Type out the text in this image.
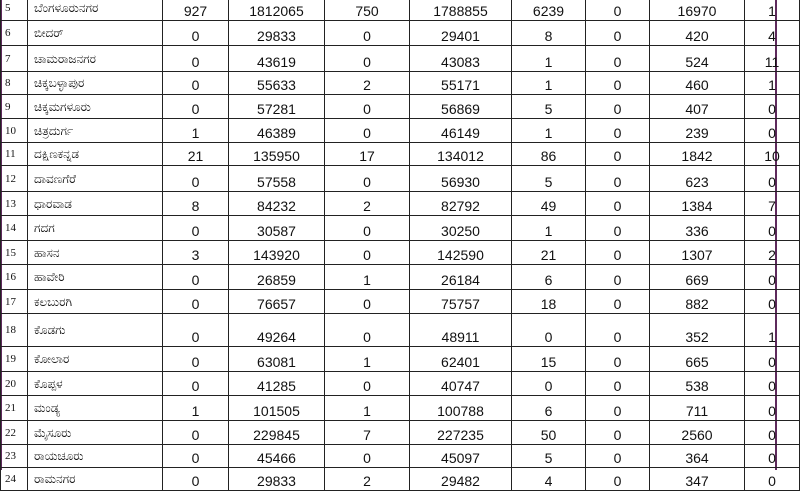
5	ಬೆಂಗಳೂರುನಗರ	927	1812065	750	1788855	6239	0	16970	1
6	ಬೀದರ್	0	29833	0	29401	8	0	420	4
7	ಚಾಮರಾಜನಗರ	0	43619	0	43083	1	0	524	11
8	ಚಿಕ್ಕಬಳ್ಳಾಪುರ	0	55633	2	55171	1	0	460	1
9	ಚಿಕ್ಕಮಗಳೂರು	0	57281	0	56869	5	0	407	0
10	ಚಿತ್ರದುರ್ಗ	1	46389	0	46149	1	0	239	0
11	ದಕ್ಷಿಣಕನ್ನಡ	21	135950	17	134012	86	0	1842	10
12	ದಾವಣಗೆರೆ	0	57558	0	56930	5	0	623	0
13	ಧಾರವಾಡ	8	84232	2	82792	49	0	1384	7
14	ಗದಗ	0	30587	0	30250	1	0	336	0
15	ಹಾಸನ	3	143920	0	142590	21	0	1307	2
16	ಹಾವೇರಿ	0	26859	1	26184	6	0	669	0
17	ಕಲಬುರಗಿ	0	76657	0	75757	18	0	882	0
18	ಕೊಡಗು	0	49264	0	48911	0	0	352	1
19	ಕೋಲಾರ	0	63081	1	62401	15	0	665	0
20	ಕೊಪ್ಪಳ	0	41285	0	40747	0	0	538	0
21	ಮಂಡ್ಯ	1	101505	1	100788	6	0	711	0
22	ಮೈಸೂರು	0	229845	7	227235	50	0	2560	0
23	ರಾಯಚೂರು	0	45466	0	45097	5	0	364	0
24	ರಾಮನಗರ	0	29833	2	29482	4	0	347	0
